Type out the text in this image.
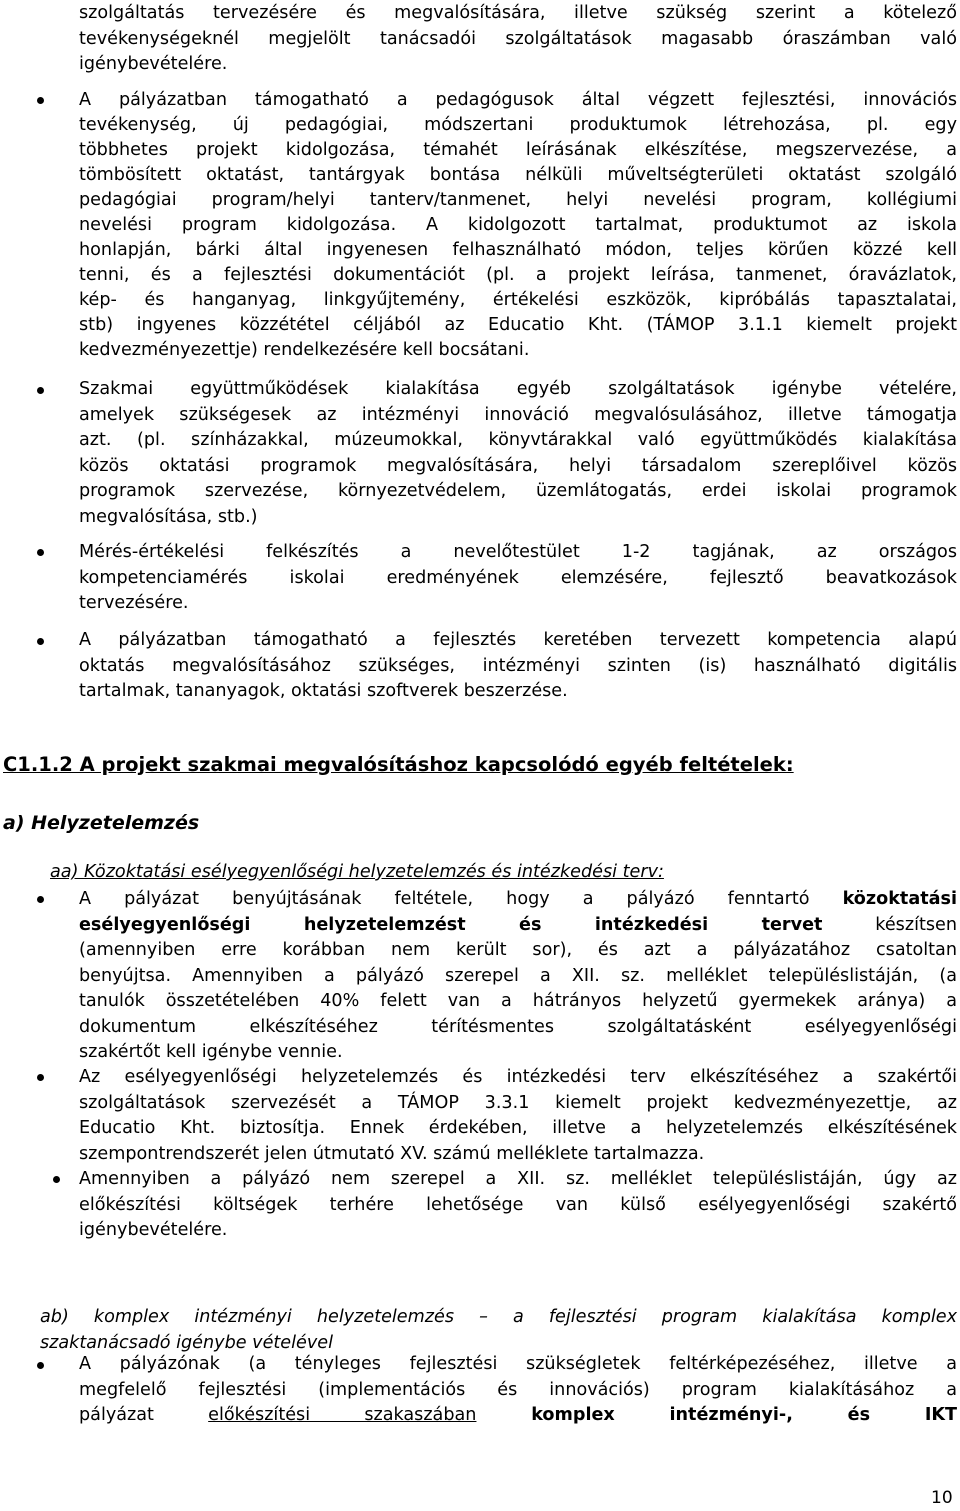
szolgáltatás tervezésére és megvalósítására, illetve szükség szerint a kötelező
tevékenységeknél megjelölt tanácsadói szolgáltatások magasabb óraszámban való
igénybevételére.
A pályázatban támogatható a pedagógusok által végzett fejlesztési, innovációs
tevékenység, új pedagógiai, módszertani produktumok létrehozása, pl. egy
többhetes projekt kidolgozása, témahét leírásának elkészítése, megszervezése, a
tömbösített oktatást, tantárgyak bontása nélküli műveltségterületi oktatást szolgáló
pedagógiai program/helyi tanterv/tanmenet, helyi nevelési program, kollégiumi
nevelési program kidolgozása. A kidolgozott tartalmat, produktumot az iskola
honlapján, bárki által ingyenesen felhasználható módon, teljes körűen közzé kell
tenni, és a fejlesztési dokumentációt (pl. a projekt leírása, tanmenet, óravázlatok,
kép- és hanganyag, linkgyűjtemény, értékelési eszközök, kipróbálás tapasztalatai,
stb) ingyenes közzététel céljából az Educatio Kht. (TÁMOP 3.1.1 kiemelt projekt
kedvezményezettje) rendelkezésére kell bocsátani.
Szakmai együttműködések kialakítása egyéb szolgáltatások igénybe vételére,
amelyek szükségesek az intézményi innováció megvalósulásához, illetve támogatja
azt. (pl. színházakkal, múzeumokkal, könyvtárakkal való együttműködés kialakítása
közös oktatási programok megvalósítására, helyi társadalom szereplőivel közös
programok szervezése, környezetvédelem, üzemlátogatás, erdei iskolai programok
megvalósítása, stb.)
Mérés-értékelési felkészítés a nevelőtestület 1-2 tagjának, az országos
kompetenciamérés iskolai eredményének elemzésére, fejlesztő beavatkozások
tervezésére.
A pályázatban támogatható a fejlesztés keretében tervezett kompetencia alapú
oktatás megvalósításához szükséges, intézményi szinten (is) használható digitális
tartalmak, tananyagok, oktatási szoftverek beszerzése.
C1.1.2 A projekt szakmai megvalósításhoz kapcsolódó egyéb feltételek:
a) Helyzetelemzés
aa) Közoktatási esélyegyenlőségi helyzetelemzés és intézkedési terv:
A pályázat benyújtásának feltétele, hogy a pályázó fenntartó közoktatási
esélyegyenlőségi helyzetelemzést és intézkedési tervet készítsen
(amennyiben erre korábban nem került sor), és azt a pályázatához csatoltan
benyújtsa. Amennyiben a pályázó szerepel a XII. sz. melléklet településlistáján, (a
tanulók összetételében 40% felett van a hátrányos helyzetű gyermekek aránya) a
dokumentum elkészítéséhez térítésmentes szolgáltatásként esélyegyenlőségi
szakértőt kell igénybe vennie.
Az esélyegyenlőségi helyzetelemzés és intézkedési terv elkészítéséhez a szakértői
szolgáltatások szervezését a TÁMOP 3.3.1 kiemelt projekt kedvezményezettje, az
Educatio Kht. biztosítja. Ennek érdekében, illetve a helyzetelemzés elkészítésének
szempontrendszerét jelen útmutató XV. számú melléklete tartalmazza.
Amennyiben a pályázó nem szerepel a XII. sz. melléklet településlistáján, úgy az
előkészítési költségek terhére lehetősége van külső esélyegyenlőségi szakértő
igénybevételére.
ab) komplex intézményi helyzetelemzés – a fejlesztési program kialakítása komplex
szaktanácsadó igénybe vételével
A pályázónak (a tényleges fejlesztési szükségletek feltérképezéséhez, illetve a
megfelelő fejlesztési (implementációs és innovációs) program kialakításához a
pályázat előkészítési szakaszában komplex intézményi-, és IKT
10
